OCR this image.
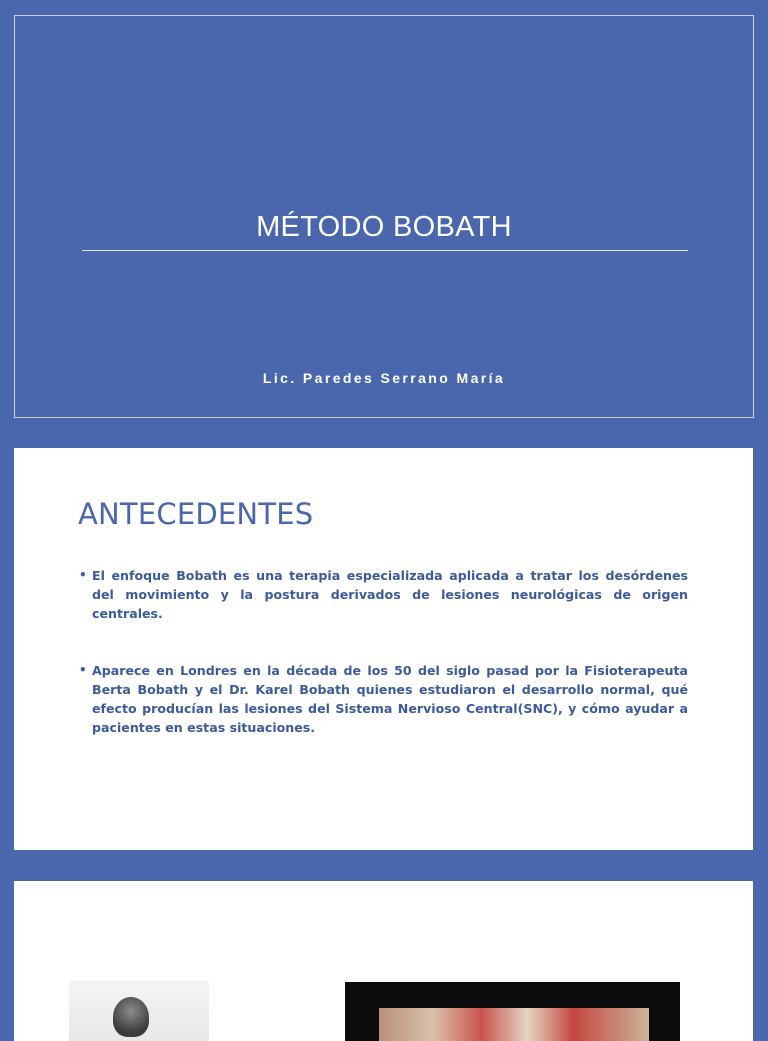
MÉTODO BOBATH
Lic. Paredes Serrano María
ANTECEDENTES
• El enfoque Bobath es una terapia especializada aplicada a tratar los desórdenes del movimiento y la postura derivados de lesiones neurológicas de origen centrales.
• Aparece en Londres en la década de los 50 del siglo pasad por la Fisioterapeuta Berta Bobath y el Dr. Karel Bobath quienes estudiaron el desarrollo normal, qué efecto producían las lesiones del Sistema Nervioso Central(SNC), y cómo ayudar a pacientes en estas situaciones.
